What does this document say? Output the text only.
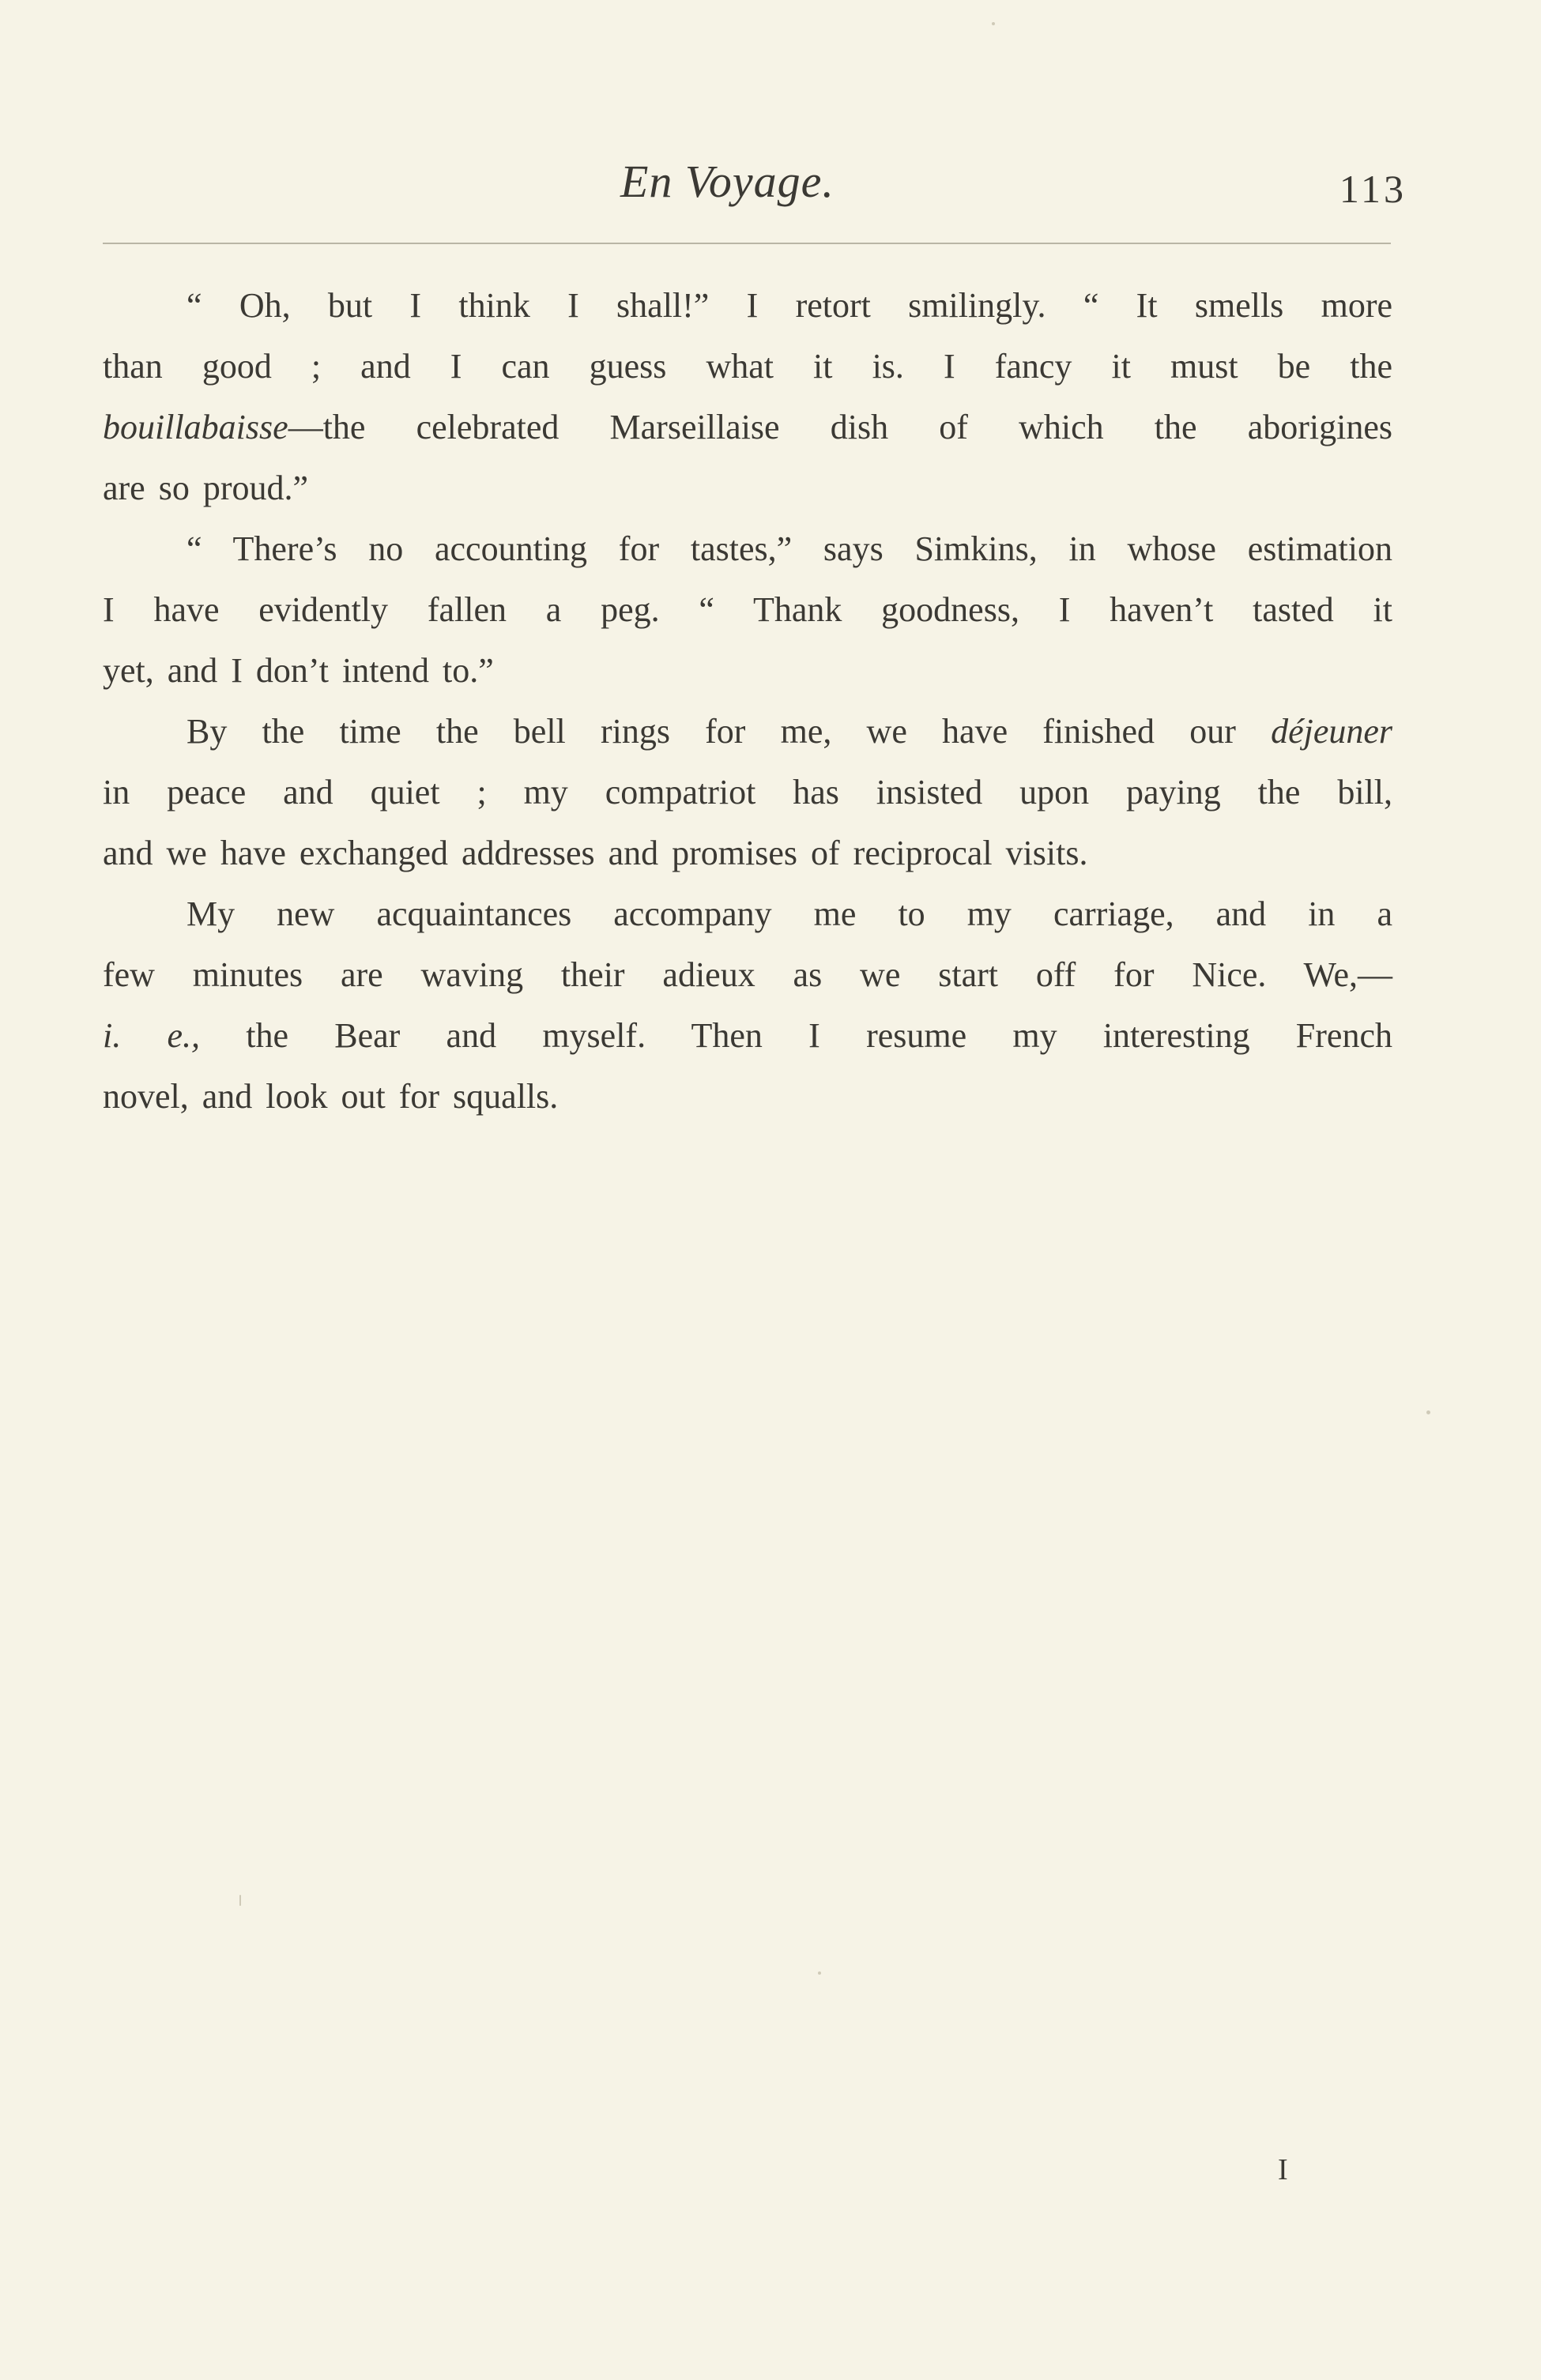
En Voyage.	113
“ Oh, but I think I shall!” I retort smilingly. “ It smells more
than good ; and I can guess what it is. I fancy it must be the
bouillabaisse—the celebrated Marseillaise dish of which the aborigines
are so proud.”
“ There’s no accounting for tastes,” says Simkins, in whose estimation
I have evidently fallen a peg. “ Thank goodness, I haven’t tasted it
yet, and I don’t intend to.”
By the time the bell rings for me, we have finished our déjeuner
in peace and quiet ; my compatriot has insisted upon paying the bill,
and we have exchanged addresses and promises of reciprocal visits.
My new acquaintances accompany me to my carriage, and in a
few minutes are waving their adieux as we start off for Nice. We,—
i. e., the Bear and myself. Then I resume my interesting French
novel, and look out for squalls.
I
